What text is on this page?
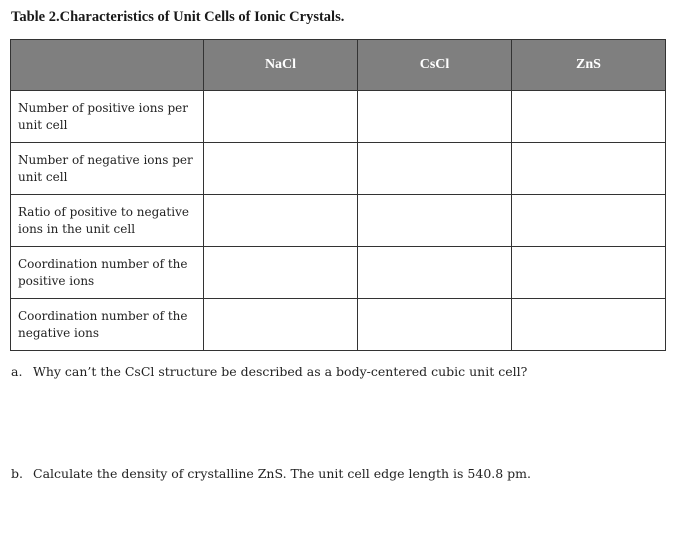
Table 2.Characteristics of Unit Cells of Ionic Crystals.
	NaCl	CsCl	ZnS
Number of positive ions per unit cell			
Number of negative ions per unit cell			
Ratio of positive to negative ions in the unit cell			
Coordination number of the positive ions			
Coordination number of the negative ions			
a. Why can’t the CsCl structure be described as a body-centered cubic unit cell?
b. Calculate the density of crystalline ZnS. The unit cell edge length is 540.8 pm.
